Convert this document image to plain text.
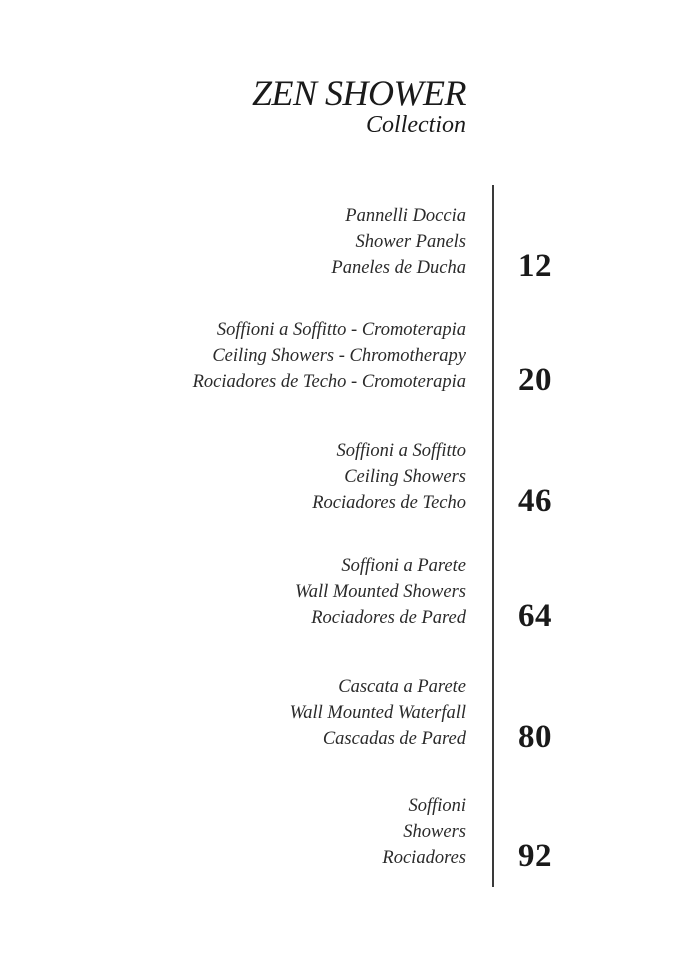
ZEN SHOWER
Collection
Pannelli Doccia
Shower Panels
Paneles de Ducha 12
Soffioni a Soffitto - Cromoterapia
Ceiling Showers - Chromotherapy
Rociadores de Techo - Cromoterapia 20
Soffioni a Soffitto
Ceiling Showers
Rociadores de Techo 46
Soffioni a Parete
Wall Mounted Showers
Rociadores de Pared 64
Cascata a Parete
Wall Mounted Waterfall
Cascadas de Pared 80
Soffioni
Showers
Rociadores 92
